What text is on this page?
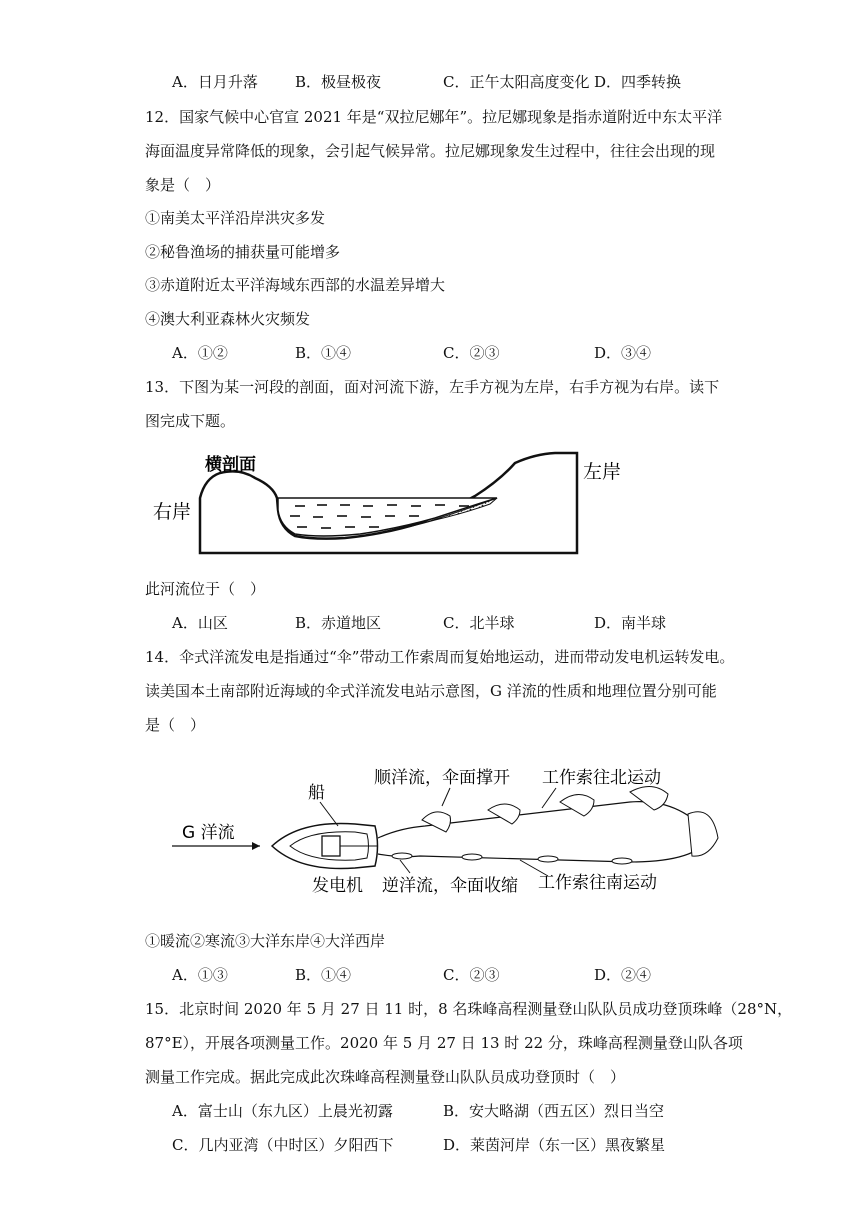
A．日月升落 B．极昼极夜	C．正午太阳高度变化 D．四季转换
12．国家气候中心官宣 2021 年是“双拉尼娜年”。拉尼娜现象是指赤道附近中东太平洋
海面温度异常降低的现象，会引起气候异常。拉尼娜现象发生过程中，往往会出现的现
象是（　）
①南美太平洋沿岸洪灾多发
②秘鲁渔场的捕获量可能增多
③赤道附近太平洋海域东西部的水温差异增大
④澳大利亚森林火灾频发
A．①②	B．①④	C．②③	D．③④
13．下图为某一河段的剖面，面对河流下游，左手方视为左岸，右手方视为右岸。读下
图完成下题。
横剖面
右岸
左岸
此河流位于（　）
A．山区	B．赤道地区	C．北半球	D．南半球
14．伞式洋流发电是指通过“伞”带动工作索周而复始地运动，进而带动发电机运转发电。
读美国本土南部附近海域的伞式洋流发电站示意图，G 洋流的性质和地理位置分别可能
是（　）
G 洋流
船
发电机
顺洋流，伞面撑开 工作索往北运动
逆洋流，伞面收缩 工作索往南运动
①暖流②寒流③大洋东岸④大洋西岸
A．①③	B．①④	C．②③	D．②④
15．北京时间 2020 年 5 月 27 日 11 时，8 名珠峰高程测量登山队队员成功登顶珠峰（28°N，
87°E），开展各项测量工作。2020 年 5 月 27 日 13 时 22 分，珠峰高程测量登山队各项
测量工作完成。据此完成此次珠峰高程测量登山队队员成功登顶时（　）
A．富士山（东九区）上晨光初露	B．安大略湖（西五区）烈日当空
C．几内亚湾（中时区）夕阳西下	D．莱茵河岸（东一区）黑夜繁星
